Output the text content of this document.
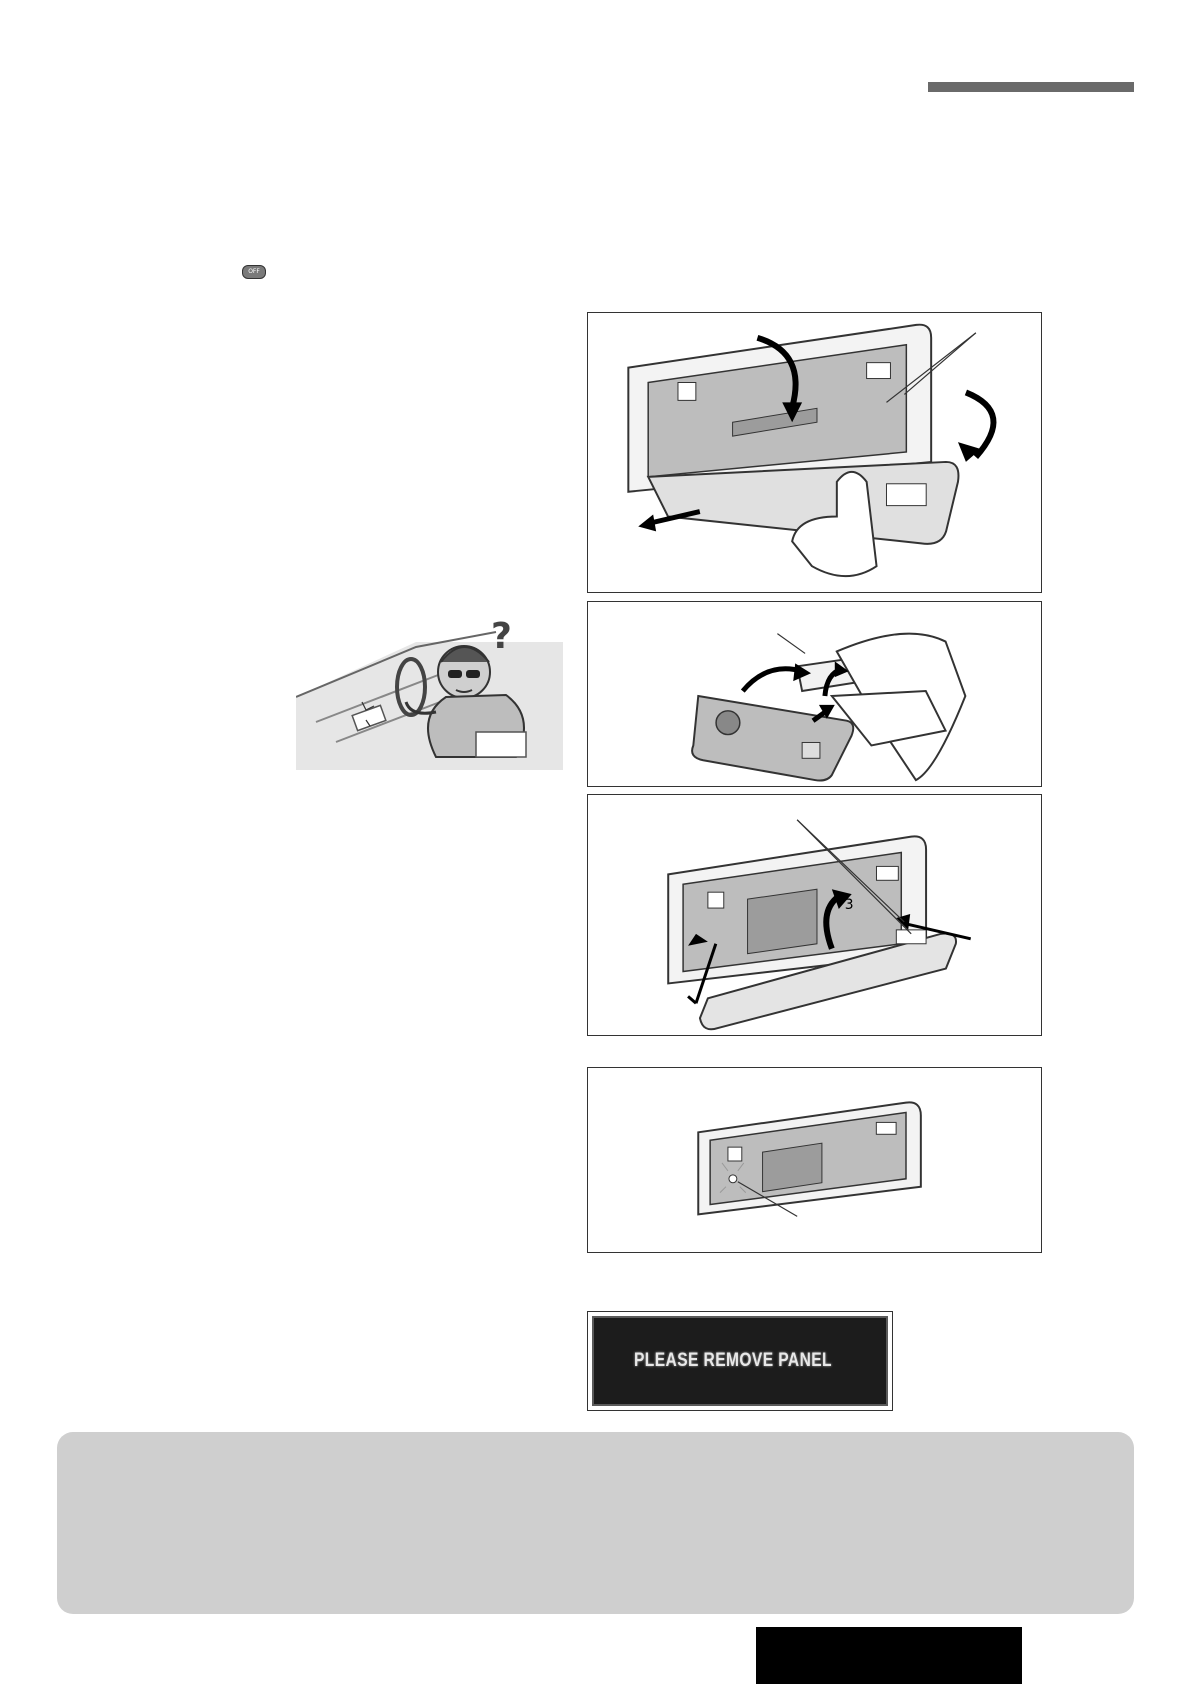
OFF
?
3
PLEASE REMOVE PANEL
